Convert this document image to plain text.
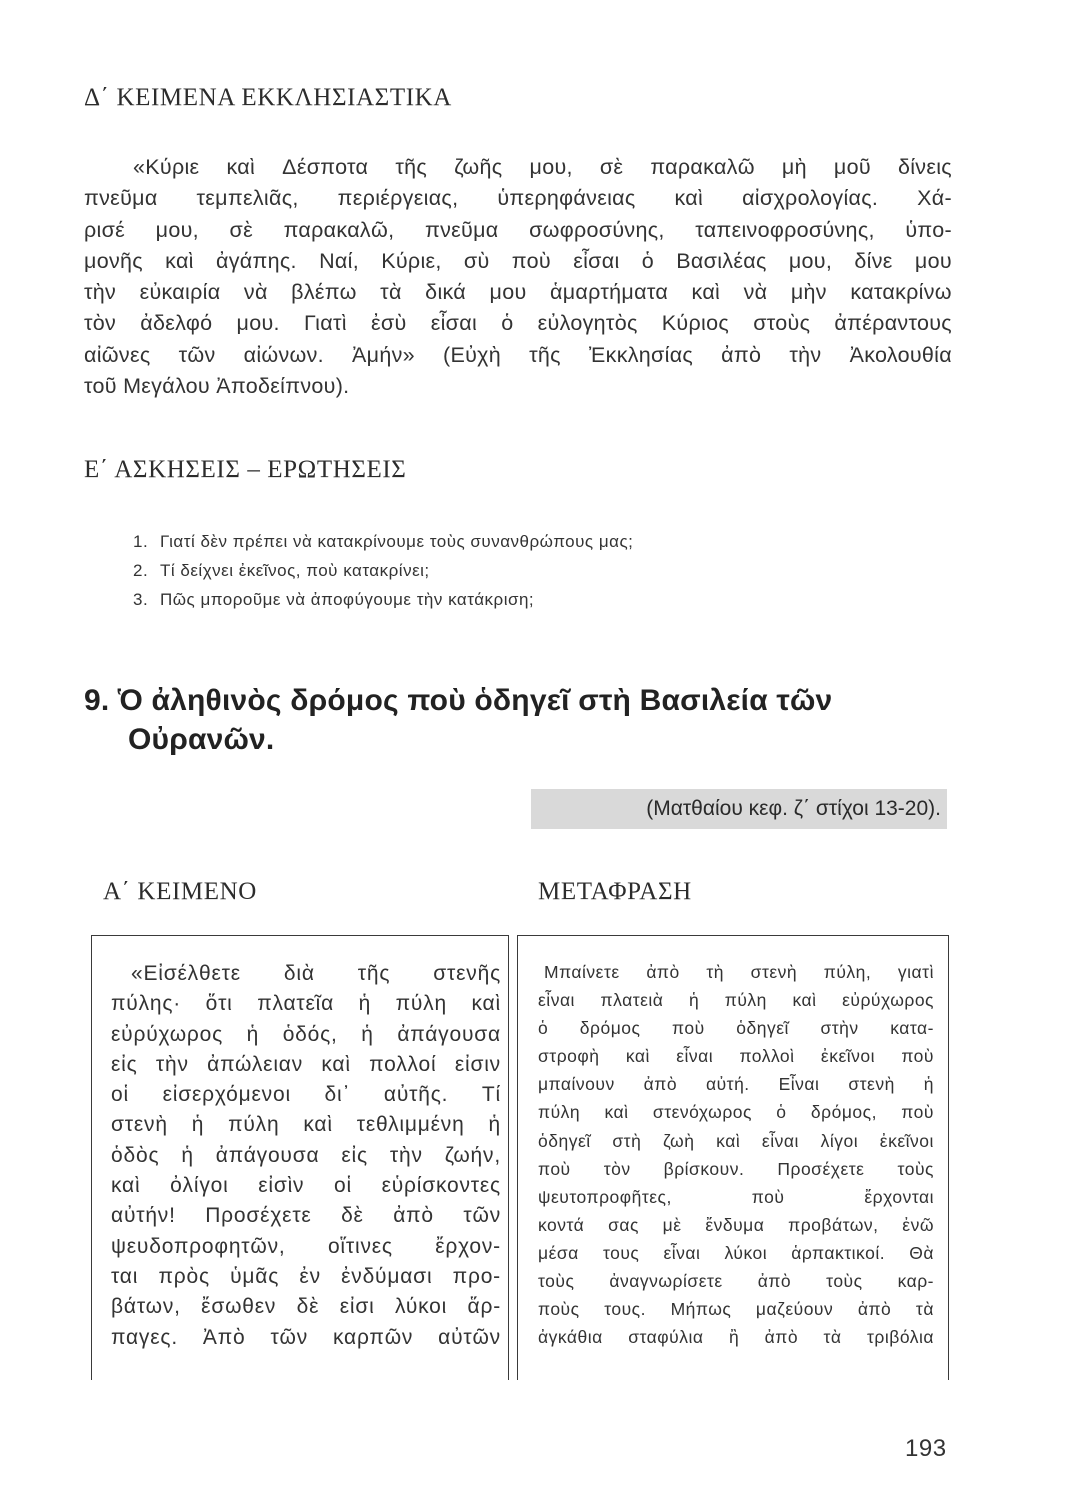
Δ΄ ΚΕΙΜΕΝΑ ΕΚΚΛΗΣΙΑΣΤΙΚΑ
«Κύριε καὶ Δέσποτα τῆς ζωῆς μου, σὲ παρακαλῶ μὴ μοῦ δίνεις
πνεῦμα τεμπελιᾶς, περιέργειας, ὑπερηφάνειας καὶ αἰσχρολογίας. Χά-
ρισέ μου, σὲ παρακαλῶ, πνεῦμα σωφροσύνης, ταπεινοφροσύνης, ὑπο-
μονῆς καὶ ἀγάπης. Ναί, Κύριε, σὺ ποὺ εἶσαι ὁ Βασιλέας μου, δίνε μου
τὴν εὐκαιρία νὰ βλέπω τὰ δικά μου ἁμαρτήματα καὶ νὰ μὴν κατακρίνω
τὸν ἀδελφό μου. Γιατὶ ἐσὺ εἶσαι ὁ εὐλογητὸς Κύριος στοὺς ἀπέραντους
αἰῶνες τῶν αἰώνων. Ἀμήν» (Εὐχὴ τῆς Ἐκκλησίας ἀπὸ τὴν Ἀκολουθία
τοῦ Μεγάλου Ἀποδείπνου).
Ε΄ ΑΣΚΗΣΕΙΣ – ΕΡΩΤΗΣΕΙΣ
1. Γιατί δὲν πρέπει νὰ κατακρίνουμε τοὺς συνανθρώπους μας;
2. Τί δείχνει ἐκεῖνος, ποὺ κατακρίνει;
3. Πῶς μποροῦμε νὰ ἀποφύγουμε τὴν κατάκριση;
9. Ὁ ἀληθινὸς δρόμος ποὺ ὁδηγεῖ στὴ Βασιλεία τῶν
Οὐρανῶν.
(Ματθαίου κεφ. ζ΄ στίχοι 13-20).
Α΄ ΚΕΙΜΕΝΟ	ΜΕΤΑΦΡΑΣΗ
«Εἰσέλθετε διὰ τῆς στενῆς
πύλης· ὅτι πλατεῖα ἡ πύλη καὶ
εὐρύχωρος ἡ ὁδός, ἡ ἀπάγουσα
εἰς τὴν ἀπώλειαν καὶ πολλοί εἰσιν
οἱ εἰσερχόμενοι δι᾿ αὐτῆς. Τί
στενὴ ἡ πύλη καὶ τεθλιμμένη ἡ
ὁδὸς ἡ ἀπάγουσα εἰς τὴν ζωήν,
καὶ ὀλίγοι εἰσὶν οἱ εὑρίσκοντες
αὐτήν! Προσέχετε δὲ ἀπὸ τῶν
ψευδοπροφητῶν, οἵτινες ἔρχον-
ται πρὸς ὑμᾶς ἐν ἐνδύμασι προ-
βάτων, ἔσωθεν δὲ εἰσι λύκοι ἅρ-
παγες. Ἀπὸ τῶν καρπῶν αὐτῶν
Μπαίνετε ἀπὸ τὴ στενὴ πύλη, γιατὶ
εἶναι πλατειὰ ἡ πύλη καὶ εὐρύχωρος
ὁ δρόμος ποὺ ὁδηγεῖ στὴν κατα-
στροφὴ καὶ εἶναι πολλοὶ ἐκεῖνοι ποὺ
μπαίνουν ἀπὸ αὐτή. Εἶναι στενὴ ἡ
πύλη καὶ στενόχωρος ὁ δρόμος, ποὺ
ὁδηγεῖ στὴ ζωὴ καὶ εἶναι λίγοι ἐκεῖνοι
ποὺ τὸν βρίσκουν. Προσέχετε τοὺς
ψευτοπροφῆτες,	ποὺ	ἔρχονται
κοντά σας μὲ ἔνδυμα προβάτων, ἐνῶ
μέσα τους εἶναι λύκοι ἁρπακτικοί. Θὰ
τοὺς ἀναγνωρίσετε ἀπὸ τοὺς καρ-
ποὺς τους. Μήπως μαζεύουν ἀπὸ τὰ
ἀγκάθια σταφύλια ἢ ἀπὸ τὰ τριβόλια
193
